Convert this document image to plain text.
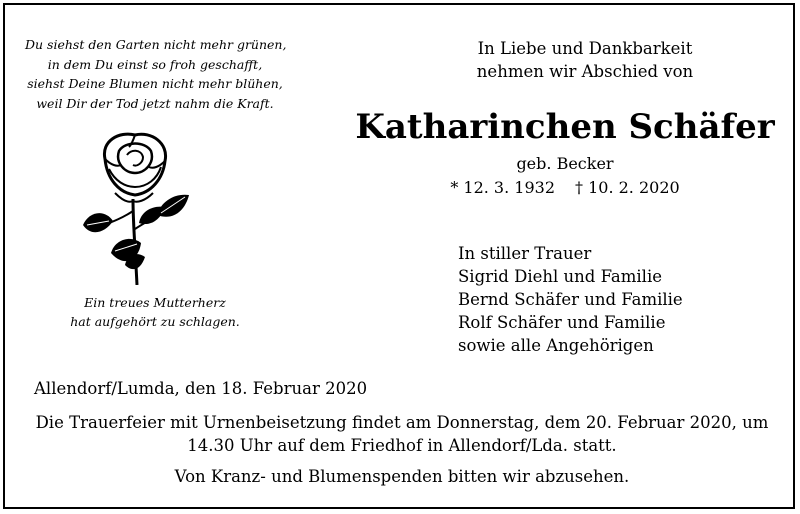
Du siehst den Garten nicht mehr grünen,
in dem Du einst so froh geschafft,
siehst Deine Blumen nicht mehr blühen,
weil Dir der Tod jetzt nahm die Kraft.
Ein treues Mutterherz
hat aufgehört zu schlagen.
In Liebe und Dankbarkeit
nehmen wir Abschied von
Katharinchen Schäfer
geb. Becker
* 12. 3. 1932 † 10. 2. 2020
In stiller Trauer
Sigrid Diehl und Familie
Bernd Schäfer und Familie
Rolf Schäfer und Familie
sowie alle Angehörigen
Allendorf/Lumda, den 18. Februar 2020
Die Trauerfeier mit Urnenbeisetzung findet am Donnerstag, dem 20. Februar 2020, um
14.30 Uhr auf dem Friedhof in Allendorf/Lda. statt.
Von Kranz- und Blumenspenden bitten wir abzusehen.
